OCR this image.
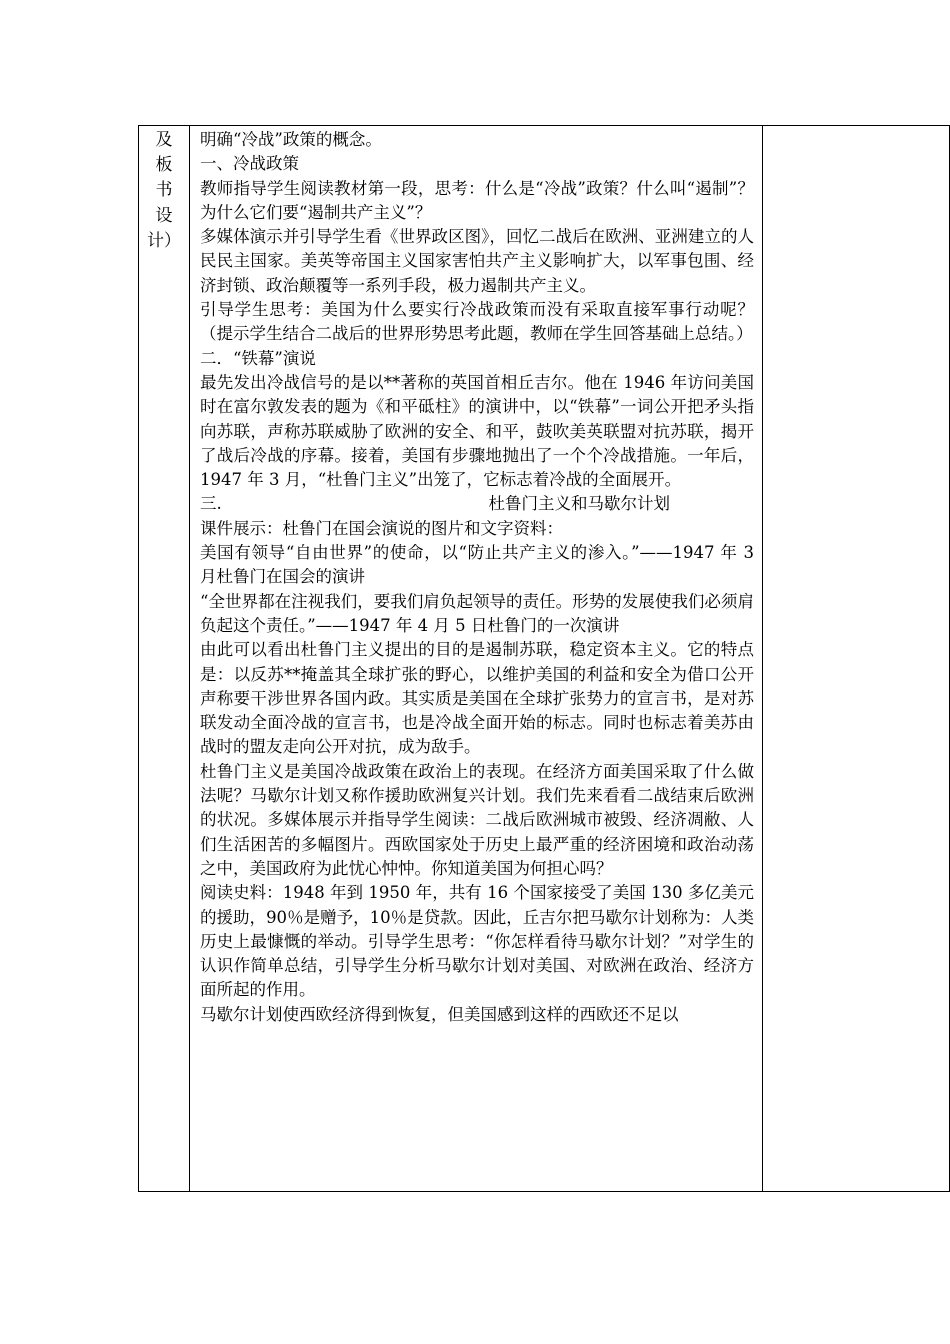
及
板
书
设
计）

明确“冷战”政策的概念。

一、冷战政策

教师指导学生阅读教材第一段，思考：什么是“冷战”政策？什么叫“遏制”？为什么它们要“遏制共产主义”？

多媒体演示并引导学生看《世界政区图》，回忆二战后在欧洲、亚洲建立的人民民主国家。美英等帝国主义国家害怕共产主义影响扩大，以军事包围、经济封锁、政治颠覆等一系列手段，极力遏制共产主义。

引导学生思考：美国为什么要实行冷战政策而没有采取直接军事行动呢？（提示学生结合二战后的世界形势思考此题，教师在学生回答基础上总结。）

二．“铁幕”演说

最先发出冷战信号的是以**著称的英国首相丘吉尔。他在 1946 年访问美国时在富尔敦发表的题为《和平砥柱》的演讲中，以“铁幕”一词公开把矛头指向苏联，声称苏联威胁了欧洲的安全、和平，鼓吹美英联盟对抗苏联，揭开了战后冷战的序幕。接着，美国有步骤地抛出了一个个冷战措施。一年后，1947 年 3 月，“杜鲁门主义”出笼了，它标志着冷战的全面展开。

三.	杜鲁门主义和马歇尔计划

课件展示：杜鲁门在国会演说的图片和文字资料：

美国有领导“自由世界”的使命，以“防止共产主义的渗入。”——1947 年 3 月杜鲁门在国会的演讲

“全世界都在注视我们，要我们肩负起领导的责任。形势的发展使我们必须肩负起这个责任。”——1947 年 4 月 5 日杜鲁门的一次演讲

由此可以看出杜鲁门主义提出的目的是遏制苏联，稳定资本主义。它的特点是：以反苏**掩盖其全球扩张的野心，以维护美国的利益和安全为借口公开声称要干涉世界各国内政。其实质是美国在全球扩张势力的宣言书，是对苏联发动全面冷战的宣言书，也是冷战全面开始的标志。同时也标志着美苏由战时的盟友走向公开对抗，成为敌手。

杜鲁门主义是美国冷战政策在政治上的表现。在经济方面美国采取了什么做法呢？马歇尔计划又称作援助欧洲复兴计划。我们先来看看二战结束后欧洲的状况。多媒体展示并指导学生阅读：二战后欧洲城市被毁、经济凋敝、人们生活困苦的多幅图片。西欧国家处于历史上最严重的经济困境和政治动荡之中，美国政府为此忧心忡忡。你知道美国为何担心吗？

阅读史料：1948 年到 1950 年，共有 16 个国家接受了美国 130 多亿美元的援助，90％是赠予，10％是贷款。因此，丘吉尔把马歇尔计划称为：人类历史上最慷慨的举动。引导学生思考：“你怎样看待马歇尔计划？”对学生的认识作简单总结，引导学生分析马歇尔计划对美国、对欧洲在政治、经济方面所起的作用。

马歇尔计划使西欧经济得到恢复，但美国感到这样的西欧还不足以
